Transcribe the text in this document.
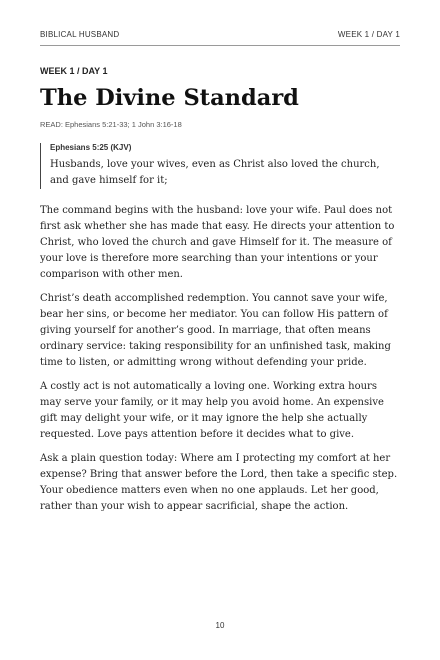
BIBLICAL HUSBAND	WEEK 1 / DAY 1

WEEK 1 / DAY 1

The Divine Standard

READ: Ephesians 5:21-33; 1 John 3:16-18

Ephesians 5:25 (KJV)

Husbands, love your wives, even as Christ also loved the church, and gave himself for it;

The command begins with the husband: love your wife. Paul does not first ask whether she has made that easy. He directs your attention to Christ, who loved the church and gave Himself for it. The measure of your love is therefore more searching than your intentions or your comparison with other men.

Christ’s death accomplished redemption. You cannot save your wife, bear her sins, or become her mediator. You can follow His pattern of giving yourself for another’s good. In marriage, that often means ordinary service: taking responsibility for an unfinished task, making time to listen, or admitting wrong without defending your pride.

A costly act is not automatically a loving one. Working extra hours may serve your family, or it may help you avoid home. An expensive gift may delight your wife, or it may ignore the help she actually requested. Love pays attention before it decides what to give.

Ask a plain question today: Where am I protecting my comfort at her expense? Bring that answer before the Lord, then take a specific step. Your obedience matters even when no one applauds. Let her good, rather than your wish to appear sacrificial, shape the action.

10
